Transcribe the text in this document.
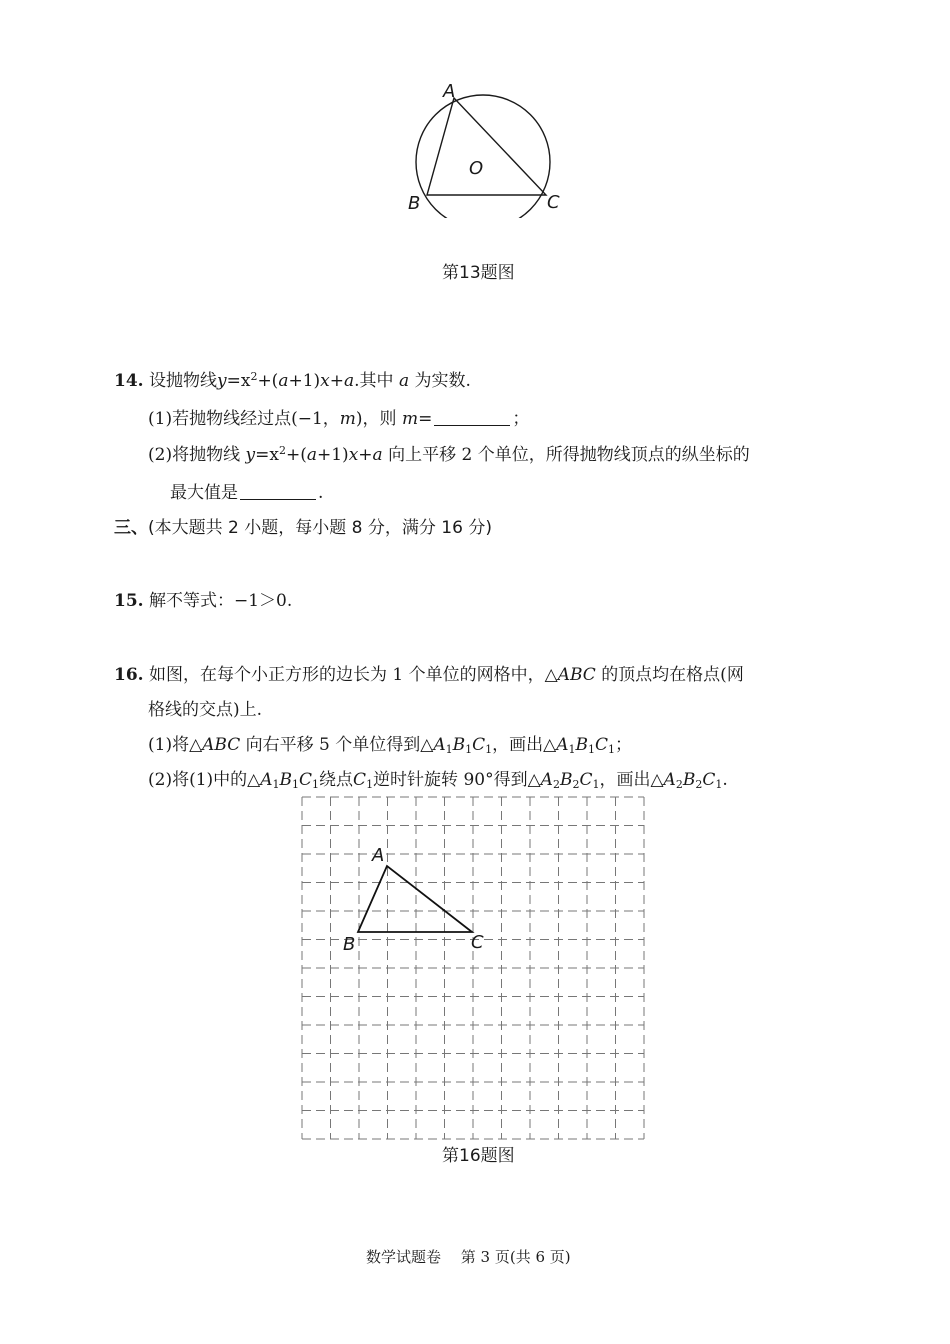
A
B	C
O
第13题图
14. 设抛物线$y=x^2+(a+1)x+a$.其中 a 为实数.
(1)若抛物线经过点(−1，m)，则 m=	；
(2)将抛物线 $y=x^2+(a+1)x+a$ 向上平移 2 个单位，所得抛物线顶点的纵坐标的
最大值是	.
三、(本大题共 2 小题，每小题 8 分，满分 16 分)
15. 解不等式：−1＞0.
16. 如图，在每个小正方形的边长为 1 个单位的网格中，△ABC 的顶点均在格点(网
格线的交点)上.
(1)将△ABC 向右平移 5 个单位得到$\triangle A_1B_1C_1$，画出$\triangle A_1B_1C_1$；
(2)将(1)中的$\triangle A_1B_1C_1$绕点$C_1$逆时针旋转 90°得到$\triangle A_2B_2C_1$，画出$\triangle A_2B_2C_1$.
A
B	C
第16题图
数学试题卷　 第 3 页(共 6 页)
